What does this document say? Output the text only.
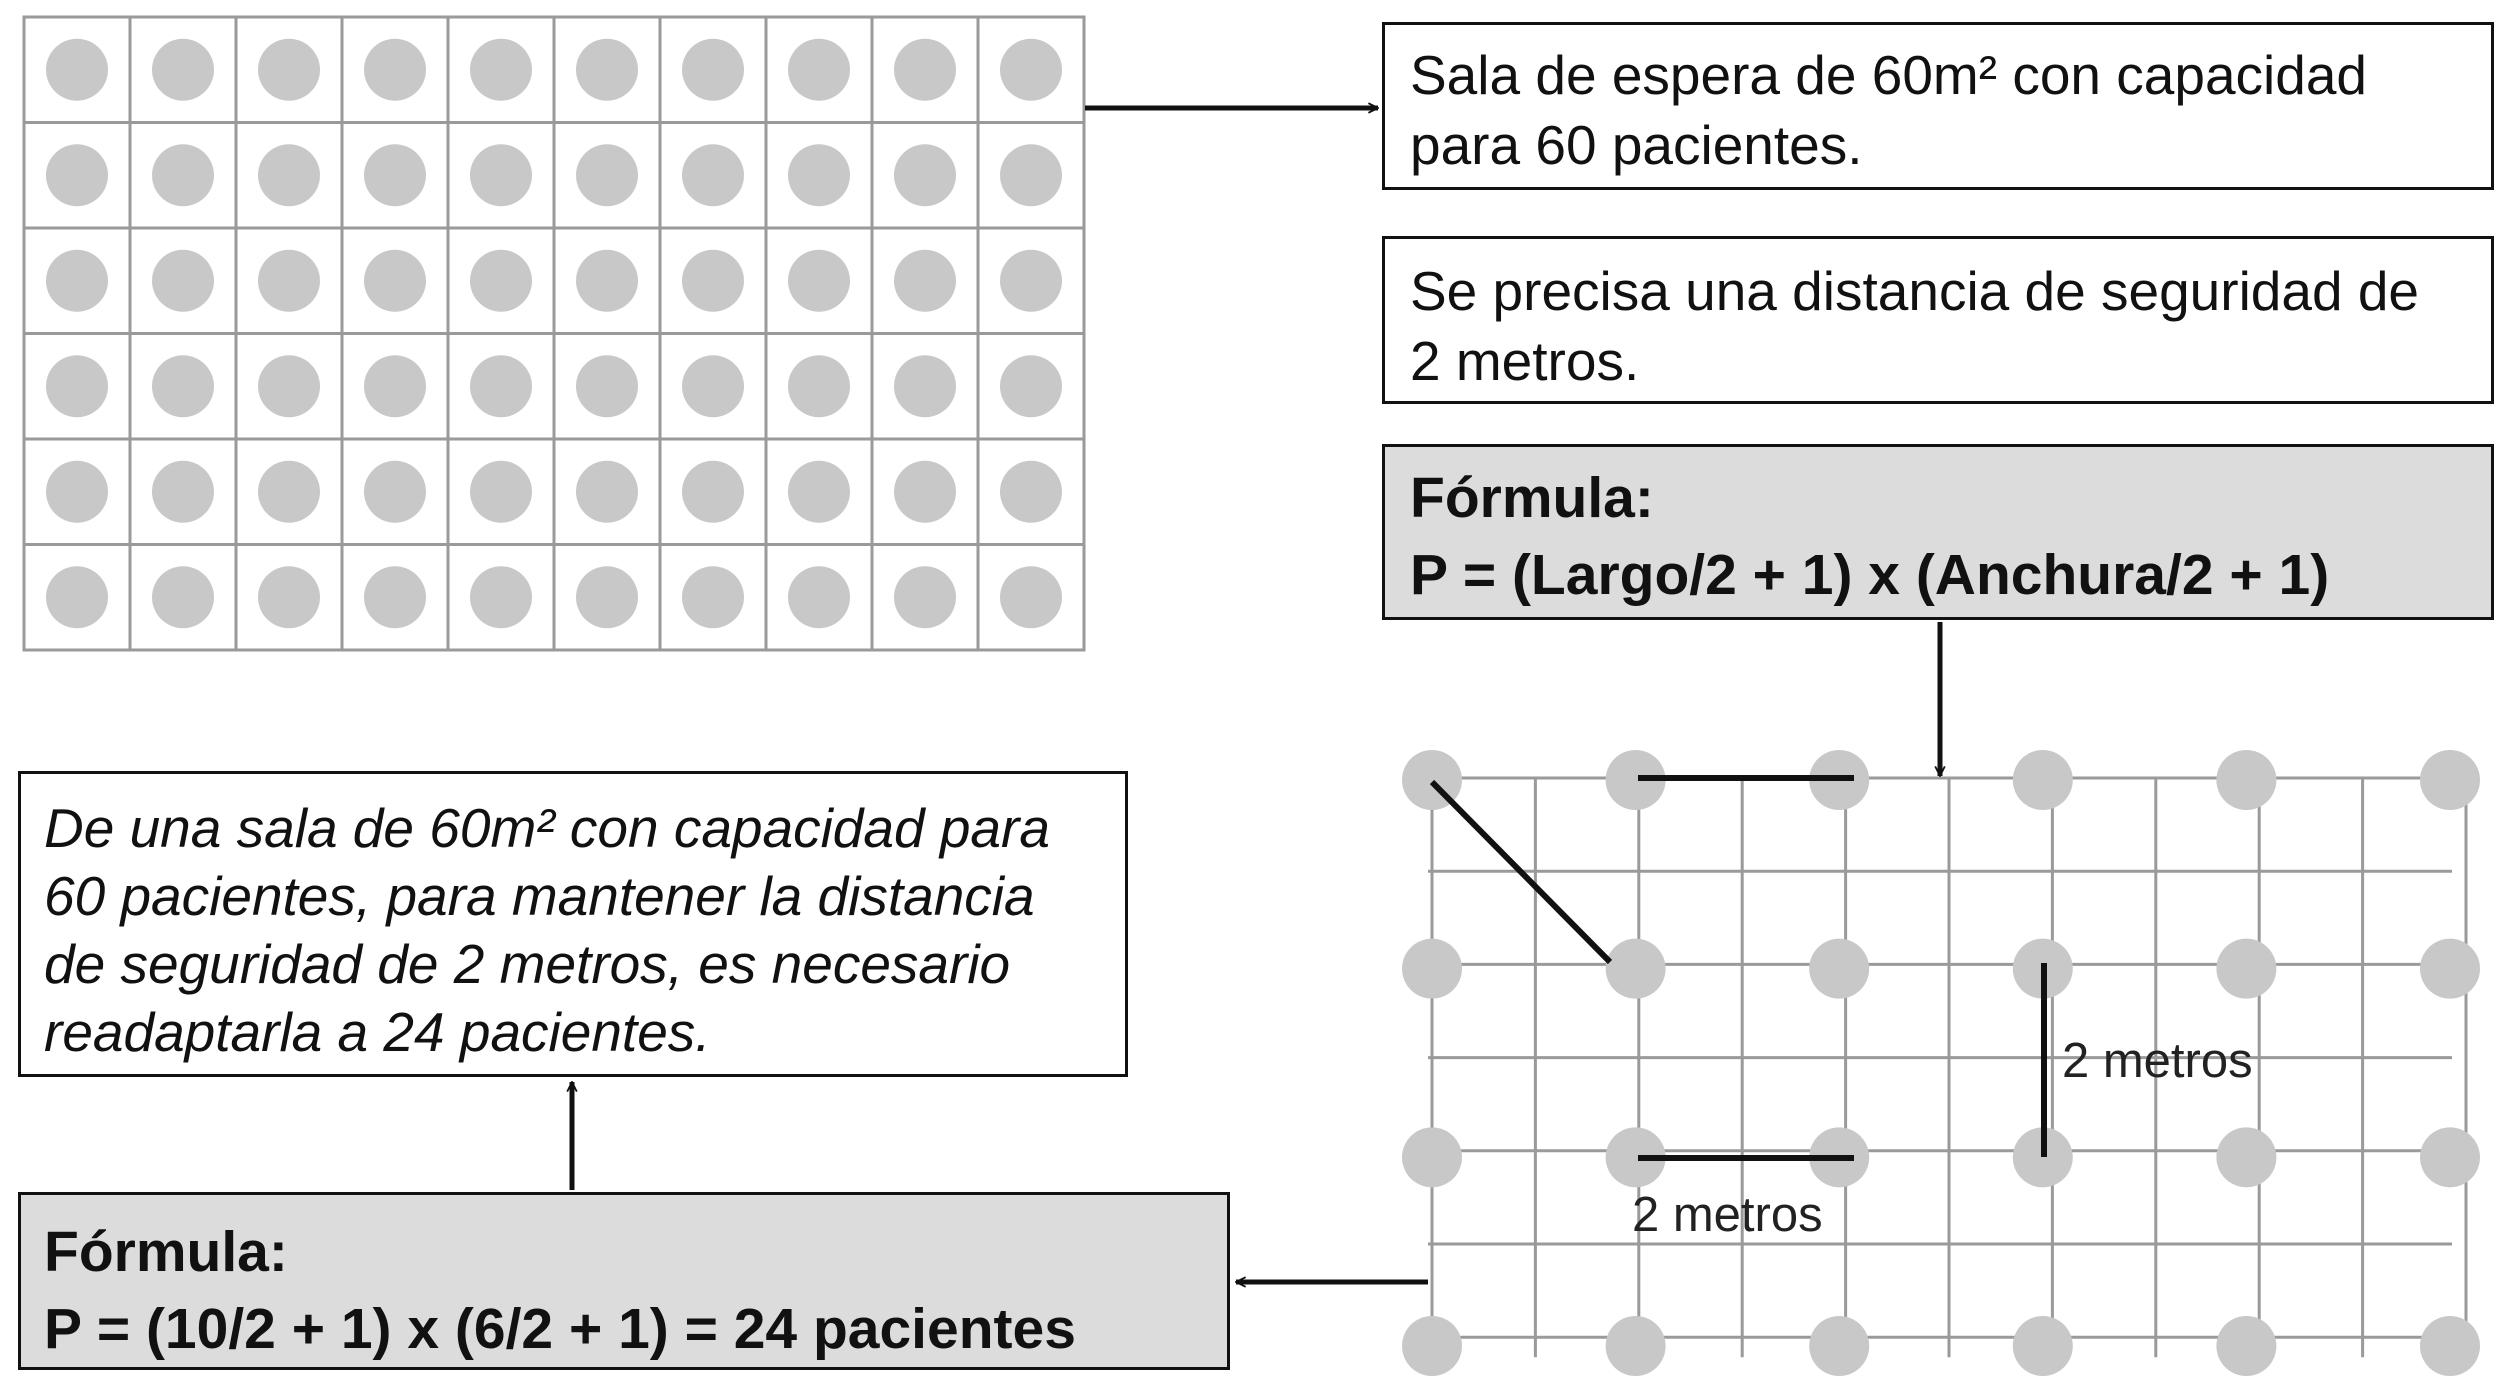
Sala de espera de 60m² con capacidad
para 60 pacientes.

Se precisa una distancia de seguridad de
2 metros.

Fórmula:
P = (Largo/2 + 1) x (Anchura/2 + 1)

De una sala de 60m² con capacidad para
60 pacientes, para mantener la distancia
de seguridad de 2 metros, es necesario
readaptarla a 24 pacientes.

Fórmula:
P = (10/2 + 1) x (6/2 + 1) = 24 pacientes

2 metros
2 metros
